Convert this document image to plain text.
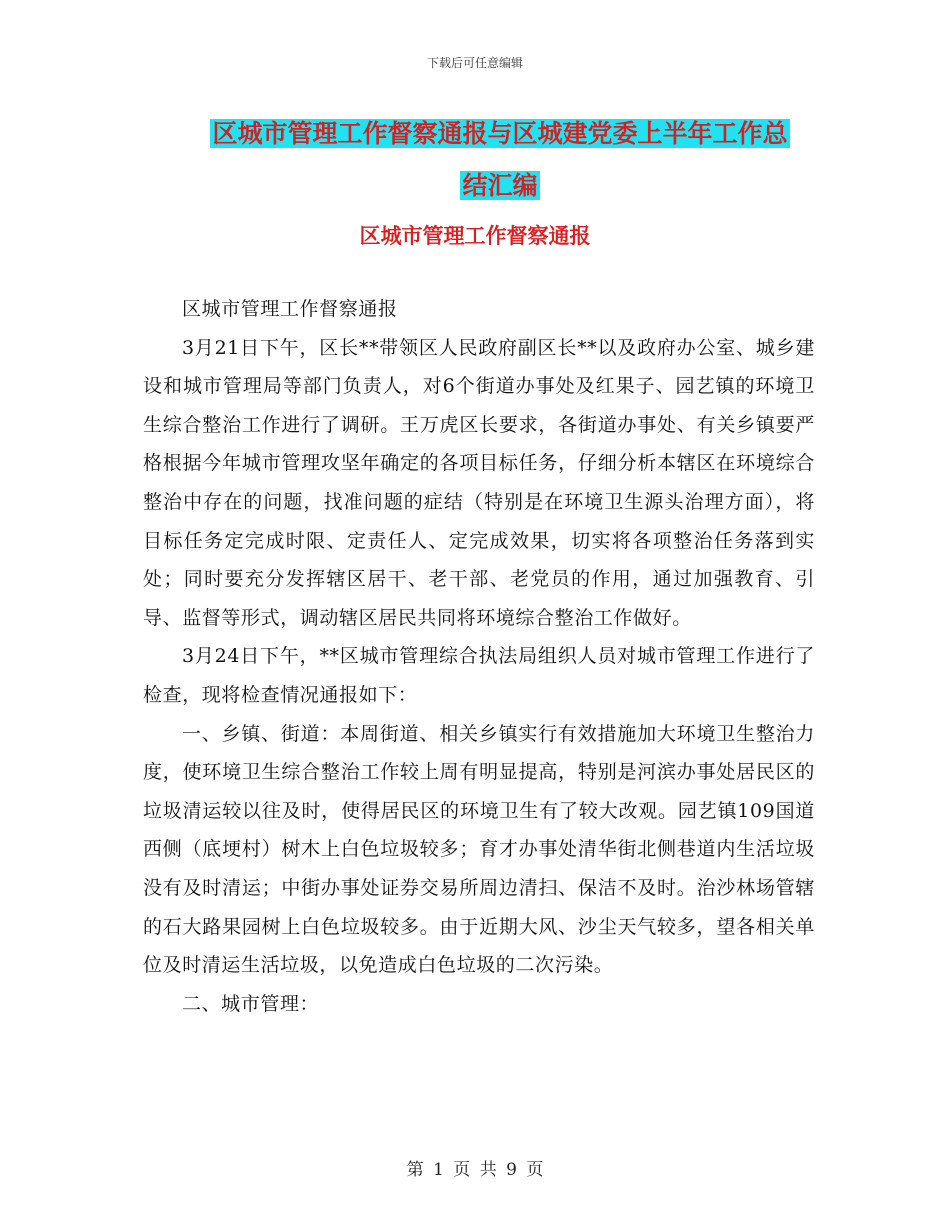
下载后可任意编辑
区城市管理工作督察通报与区城建党委上半年工作总
结汇编
区城市管理工作督察通报

区城市管理工作督察通报

3月21日下午，区长**带领区人民政府副区长**以及政府办公室、城乡建设和城市管理局等部门负责人，对6个街道办事处及红果子、园艺镇的环境卫生综合整治工作进行了调研。王万虎区长要求，各街道办事处、有关乡镇要严格根据今年城市管理攻坚年确定的各项目标任务，仔细分析本辖区在环境综合整治中存在的问题，找准问题的症结（特别是在环境卫生源头治理方面），将目标任务定完成时限、定责任人、定完成效果，切实将各项整治任务落到实处；同时要充分发挥辖区居干、老干部、老党员的作用，通过加强教育、引导、监督等形式，调动辖区居民共同将环境综合整治工作做好。

3月24日下午，**区城市管理综合执法局组织人员对城市管理工作进行了检查，现将检查情况通报如下：

一、乡镇、街道：本周街道、相关乡镇实行有效措施加大环境卫生整治力度，使环境卫生综合整治工作较上周有明显提高，特别是河滨办事处居民区的垃圾清运较以往及时，使得居民区的环境卫生有了较大改观。园艺镇109国道西侧（底埂村）树木上白色垃圾较多；育才办事处清华街北侧巷道内生活垃圾没有及时清运；中街办事处证券交易所周边清扫、保洁不及时。治沙林场管辖的石大路果园树上白色垃圾较多。由于近期大风、沙尘天气较多，望各相关单位及时清运生活垃圾，以免造成白色垃圾的二次污染。

二、城市管理：

第 1 页 共 9 页
